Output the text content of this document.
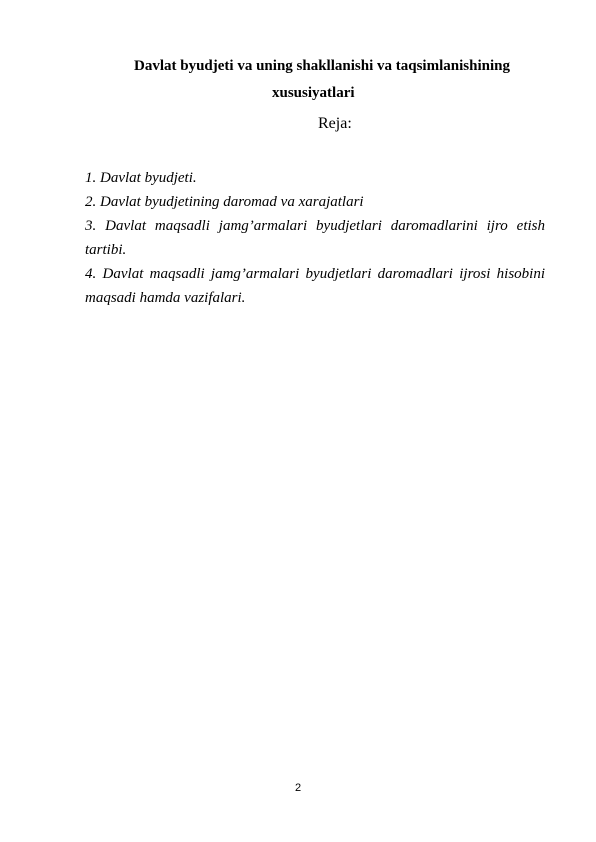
Davlat byudjeti va uning shakllanishi va taqsimlanishining
xususiyatlari
Reja:

1. Davlat byudjeti.

2. Davlat byudjetining daromad va xarajatlari

3. Davlat maqsadli jamg’armalari byudjetlari daromadlarini ijro etish

tartibi.

4. Davlat maqsadli jamg’armalari byudjetlari daromadlari ijrosi hisobini

maqsadi hamda vazifalari.

2
